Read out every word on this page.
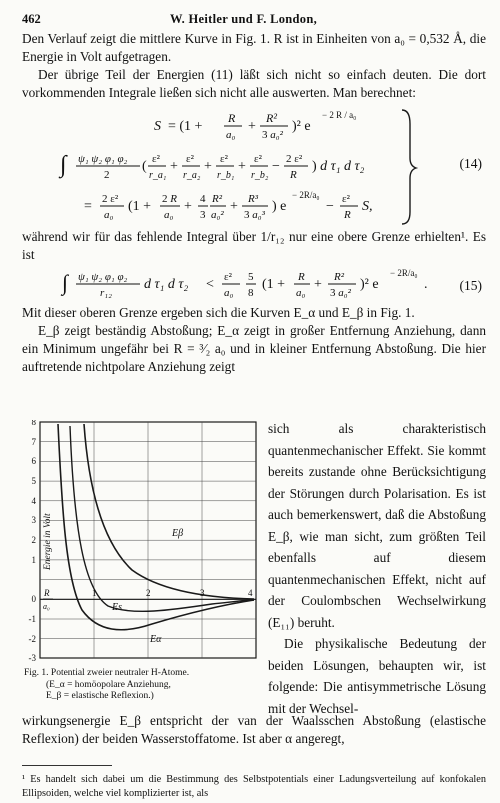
462	W. Heitler und F. London,

Den Verlauf zeigt die mittlere Kurve in Fig. 1. R ist in Einheiten von a₀ = 0,532 Å, die Energie in Volt aufgetragen.

Der übrige Teil der Energien (11) läßt sich nicht so einfach deuten. Die dort vorkommenden Integrale ließen sich nicht alle auswerten. Man berechnet:

S = (1 +
R
a₀
+
R²
3 a₀²
)² e
− 2 R / a₀
∫ ψ₁ ψ₂ φ₁ φ₂
2
( ε²
r_a₁
+ ε²
r_a₂
+ ε²
r_b₁
+ ε²
r_b₂
− 2 ε²
R
) d τ₁ d τ₂
= 2 ε²
a₀
(1 + 2 R
a₀
+ 4
3
R²
a₀²
+ R³
3 a₀³
) e
− 2R/a₀
− ε²
R
S,
(14)

während wir für das fehlende Integral über 1/r₁₂ nur eine obere Grenze erhielten¹. Es ist

∫ ψ₁ ψ₂ φ₁ φ₂
r₁₂
d τ₁ d τ₂ < ε²
a₀
5
8
(1 + R
a₀
+ R²
3 a₀²
)² e
− 2R/a₀
. (15)

Mit dieser oberen Grenze ergeben sich die Kurven E_α und E_β in Fig. 1.

E_β zeigt beständig Abstoßung; E_α zeigt in großer Entfernung Anziehung, dann ein Minimum ungefähr bei R = ³⁄₂ a₀ und in kleiner Entfernung Abstoßung. Die hier auftretende nichtpolare Anziehung zeigt

8
7
6
5
4
3
2
1
0
-1
-2
-3
1	2	3	4
Energie in Volt
R
a₀
Eβ
Es
Eα
Fig. 1. Potential zweier neutraler H-Atome.
(E_α = homöopolare Anziehung,
E_β = elastische Reflexion.)

sich als charakteristisch quantenmechanischer Effekt. Sie kommt bereits zustande ohne Berücksichtigung der Störungen durch Polarisation. Es ist auch bemerkenswert, daß die Abstoßung E_β, wie man sicht, zum größten Teil ebenfalls auf diesem quantenmechanischen Effekt, nicht auf der Coulombschen Wechselwirkung (E₁₁) beruht.

Die physikalische Bedeutung der beiden Lösungen, behaupten wir, ist folgende: Die antisymmetrische Lösung mit der Wechsel-

wirkungsenergie E_β entspricht der van der Waalsschen Abstoßung (elastische Reflexion) der beiden Wasserstoffatome. Ist aber α angeregt,

¹ Es handelt sich dabei um die Bestimmung des Selbstpotentials einer Ladungsverteilung auf konfokalen Ellipsoiden, welche viel komplizierter ist, als
